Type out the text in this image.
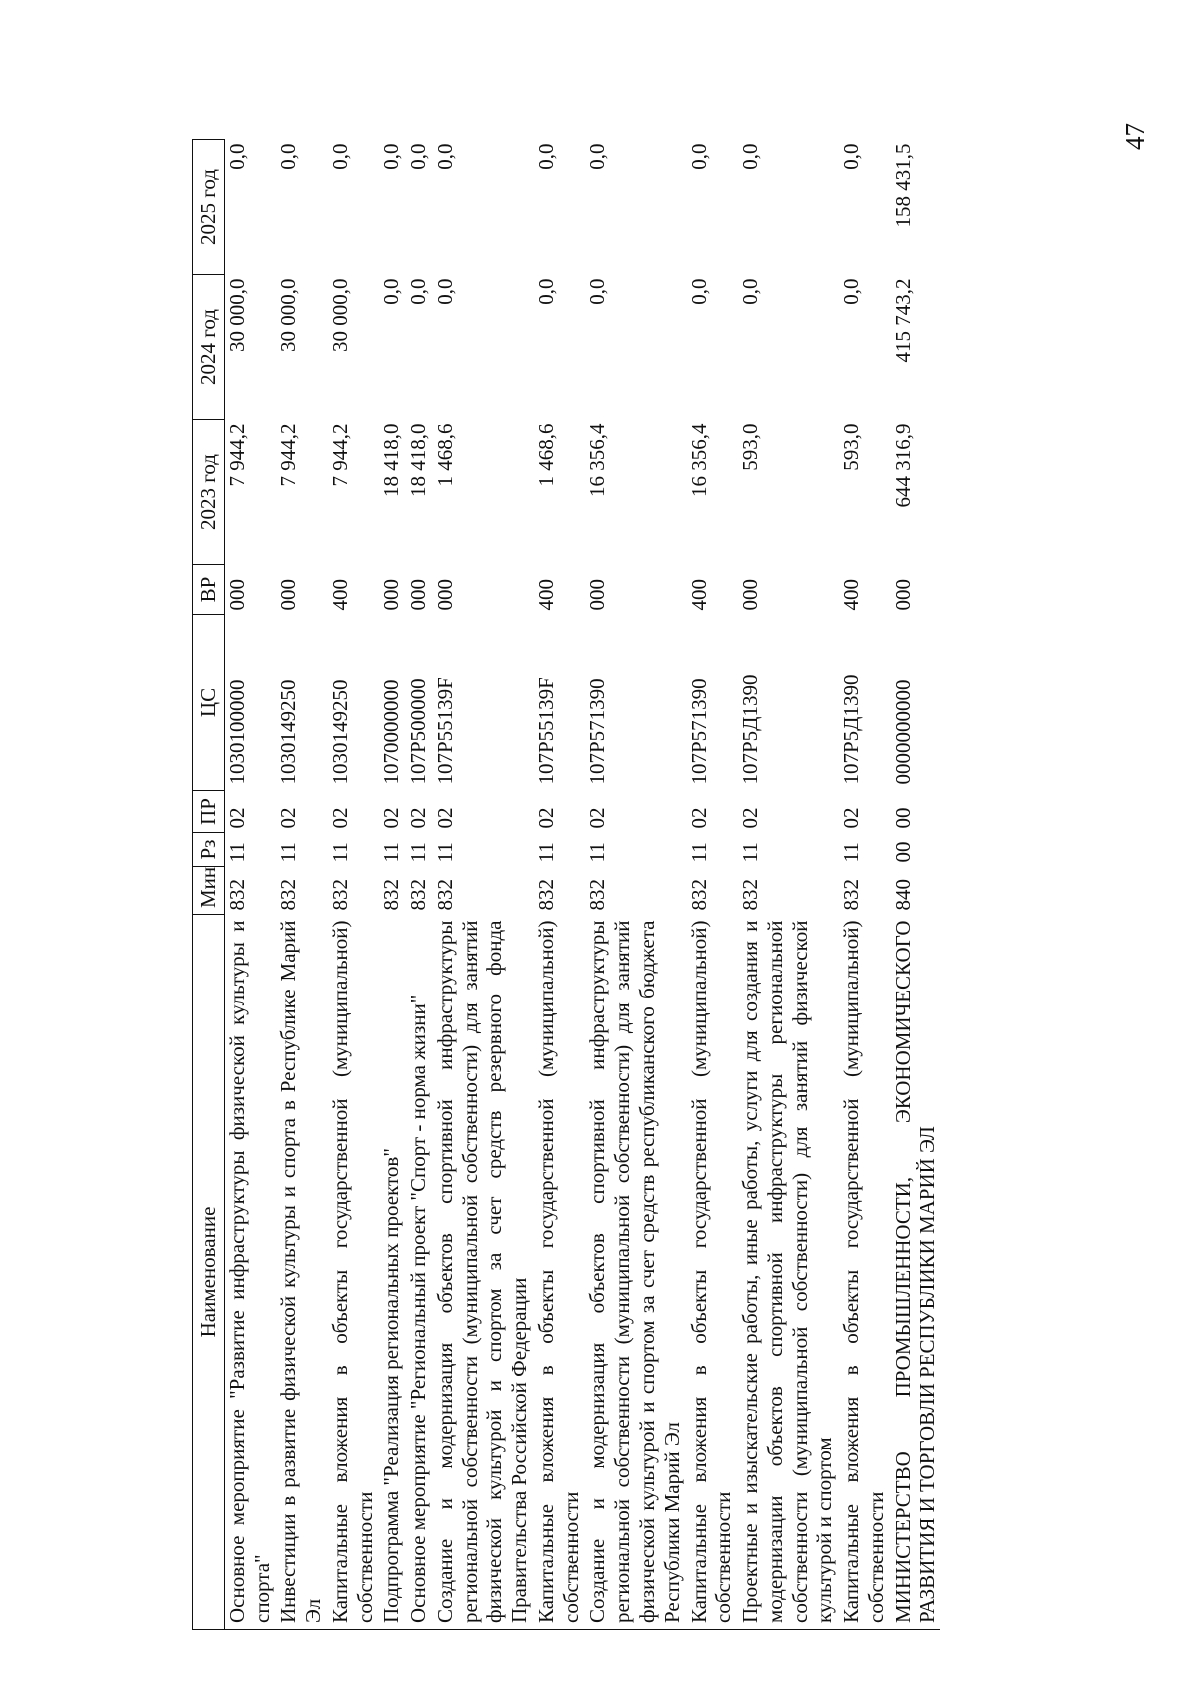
47
Наименование	Мин	Рз	ПР	ЦС	ВР	2023 год	2024 год	2025 год
Основное мероприятие "Развитие инфраструктуры физической культуры и спорта"	832	11	02	1030100000	000	7 944,2	30 000,0	0,0
Инвестиции в развитие физической культуры и спорта в Республике Марий Эл	832	11	02	1030149250	000	7 944,2	30 000,0	0,0
Капитальные вложения в объекты государственной (муниципальной) собственности	832	11	02	1030149250	400	7 944,2	30 000,0	0,0
Подпрограмма "Реализация региональных проектов"	832	11	02	1070000000	000	18 418,0	0,0	0,0
Основное мероприятие "Региональный проект "Спорт - норма жизни"	832	11	02	107P500000	000	18 418,0	0,0	0,0
Создание и модернизация объектов спортивной инфраструктуры региональной собственности (муниципальной собственности) для занятий физической культурой и спортом за счет средств резервного фонда Правительства Российской Федерации	832	11	02	107P55139F	000	1 468,6	0,0	0,0
Капитальные вложения в объекты государственной (муниципальной) собственности	832	11	02	107P55139F	400	1 468,6	0,0	0,0
Создание и модернизация объектов спортивной инфраструктуры региональной собственности (муниципальной собственности) для занятий физической культурой и спортом за счет средств республиканского бюджета Республики Марий Эл	832	11	02	107P571390	000	16 356,4	0,0	0,0
Капитальные вложения в объекты государственной (муниципальной) собственности	832	11	02	107P571390	400	16 356,4	0,0	0,0
Проектные и изыскательские работы, иные работы, услуги для создания и модернизации объектов спортивной инфраструктуры региональной собственности (муниципальной собственности) для занятий физической культурой и спортом	832	11	02	107P5Д1390	000	593,0	0,0	0,0
Капитальные вложения в объекты государственной (муниципальной) собственности	832	11	02	107P5Д1390	400	593,0	0,0	0,0
МИНИСТЕРСТВО ПРОМЫШЛЕННОСТИ, ЭКОНОМИЧЕСКОГО РАЗВИТИЯ И ТОРГОВЛИ РЕСПУБЛИКИ МАРИЙ ЭЛ	840	00	00	0000000000	000	644 316,9	415 743,2	158 431,5
